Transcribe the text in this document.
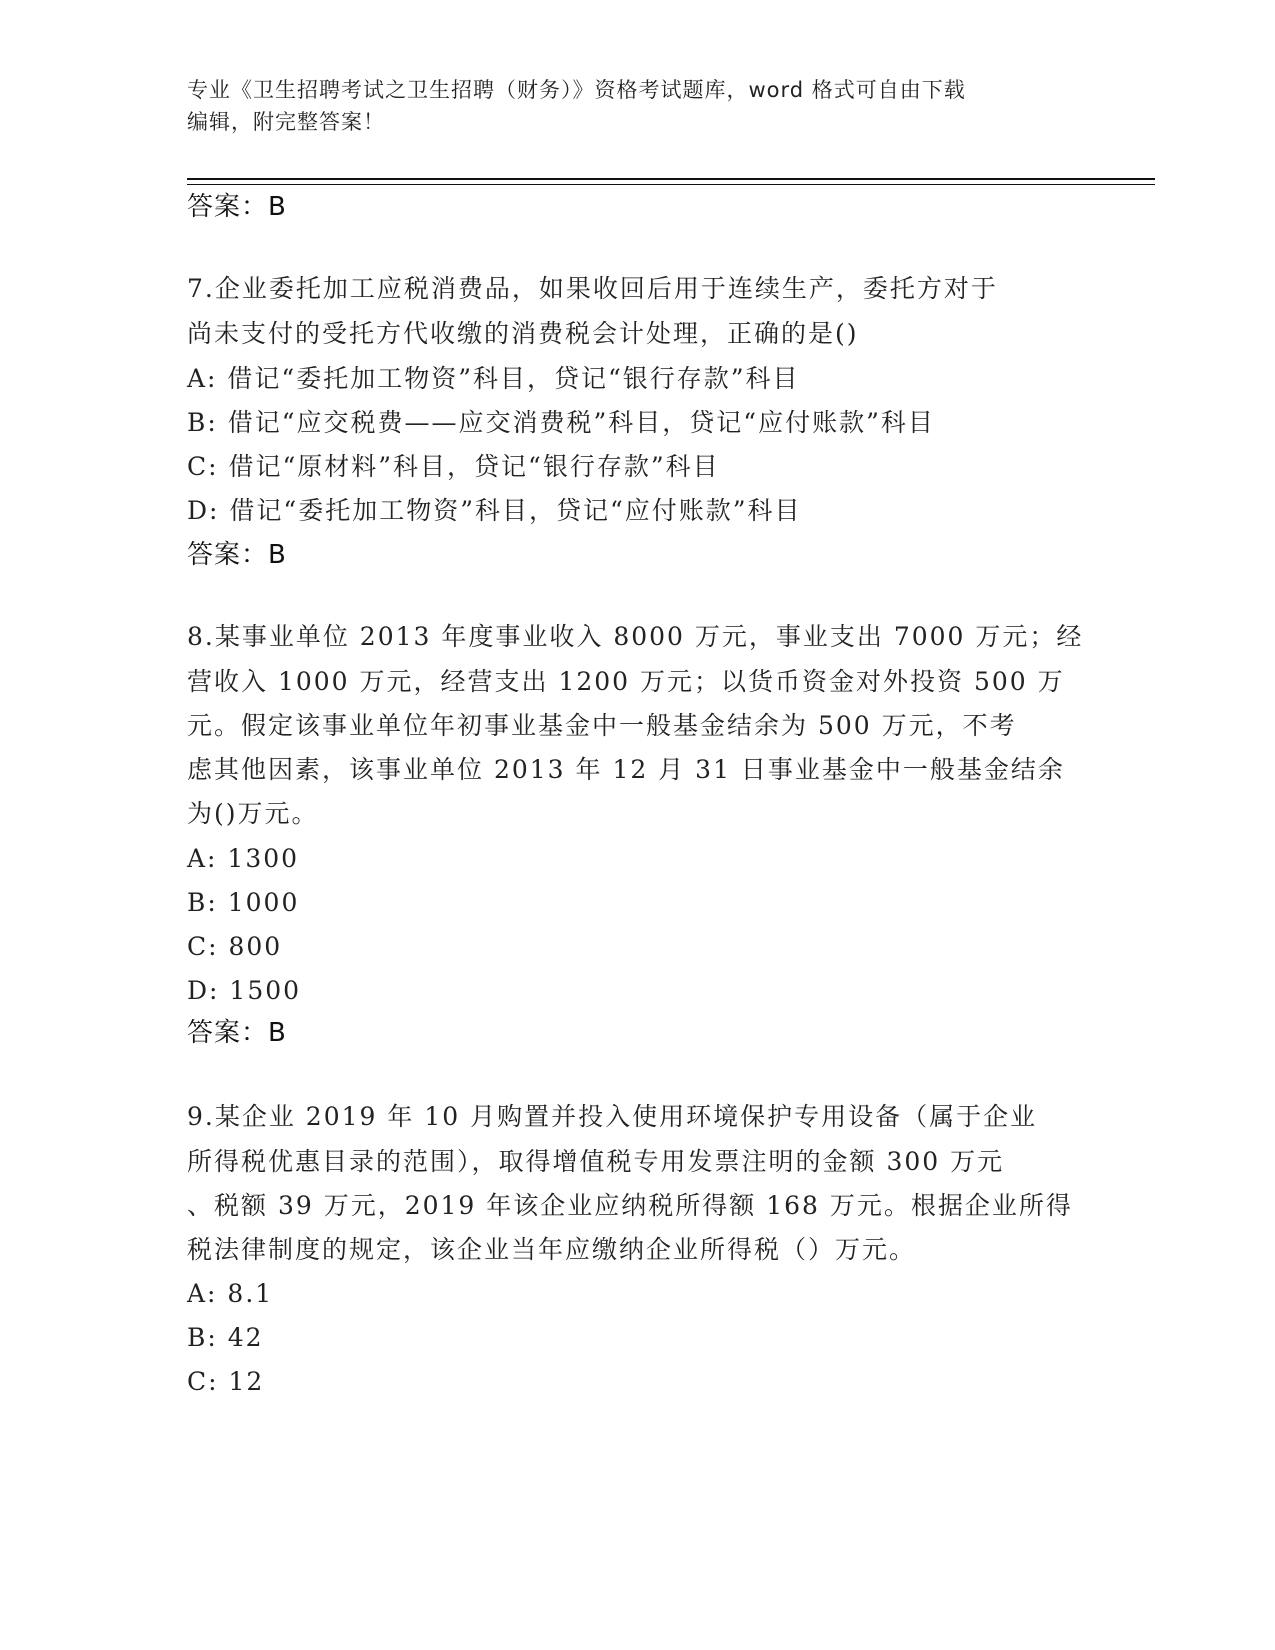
专业《卫生招聘考试之卫生招聘（财务）》资格考试题库，word 格式可自由下载
编辑，附完整答案！
答案：B
7.企业委托加工应税消费品，如果收回后用于连续生产，委托方对于
尚未支付的受托方代收缴的消费税会计处理，正确的是()
A: 借记“委托加工物资”科目，贷记“银行存款”科目
B: 借记“应交税费——应交消费税”科目，贷记“应付账款”科目
C: 借记“原材料”科目，贷记“银行存款”科目
D: 借记“委托加工物资”科目，贷记“应付账款”科目
答案：B
8.某事业单位 2013 年度事业收入 8000 万元，事业支出 7000 万元；经
营收入 1000 万元，经营支出 1200 万元；以货币资金对外投资 500 万
元。假定该事业单位年初事业基金中一般基金结余为 500 万元，不考
虑其他因素，该事业单位 2013 年 12 月 31 日事业基金中一般基金结余
为()万元。
A: 1300
B: 1000
C: 800
D: 1500
答案：B
9.某企业 2019 年 10 月购置并投入使用环境保护专用设备（属于企业
所得税优惠目录的范围），取得增值税专用发票注明的金额 300 万元
、税额 39 万元，2019 年该企业应纳税所得额 168 万元。根据企业所得
税法律制度的规定，该企业当年应缴纳企业所得税（）万元。
A: 8.1
B: 42
C: 12
